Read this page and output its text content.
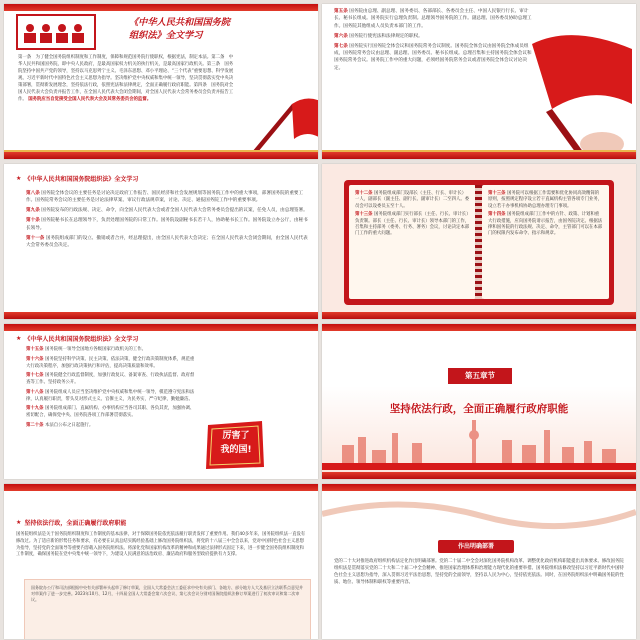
《中华人民共和国国务院
组织法》全文学习
第一条　为了健全国务院组织制度和工作制度，保障和规范国务院行使职权，根据宪法，制定本法。第二条　中华人民共和国国务院，即中央人民政府，是最高国家权力机关的执行机关，是最高国家行政机关。第三条　国务院坚持中国共产党的领导，坚持以马克思列宁主义、毛泽东思想、邓小平理论、“三个代表”重要思想、科学发展观、习近平新时代中国特色社会主义思想为指导。坚决维护党中央权威和集中统一领导，坚决贯彻落实党中央决策部署，贯彻新发展理念，坚持依法行政，依照宪法和法律规定，全面正确履行政府职能。第四条　国务院对全国人民代表大会负责并报告工作，在全国人民代表大会闭会期间，对全国人民代表大会常务委员会负责并报告工作。 国务院应当自觉接受全国人民代表大会及其常务委员会的监督。

第五条 国务院由总理、副总理、国务委员、各部部长、各委员会主任、中国人民银行行长、审计长、秘书长组成。国务院实行总理负责制。总理领导国务院的工作。副总理、国务委员协助总理工作。国务院其他组成人员负责本部门的工作。

第六条 国务院行使宪法和法律规定的职权。

第七条 国务院实行国务院全体会议和国务院常务会议制度。国务院全体会议由国务院全体成员组成，国务院常务会议由总理、副总理、国务委员、秘书长组成。总理召集和主持国务院全体会议和国务院常务会议。国务院工作中的重大问题，必须经国务院常务会议或者国务院全体会议讨论决定。

★ 《中华人民共和国国务院组织法》全文学习

第八条 国务院全体会议的主要任务是讨论决定政府工作报告、国民经济和社会发展规划等国务院工作中的重大事项，部署国务院的重要工作。国务院常务会议的主要任务是讨论法律草案、审议行政法规草案，讨论、决定、通报国务院工作中的重要事项。

第九条 国务院发布的行政法规、决定、命令，向全国人民代表大会或者全国人民代表大会常务委员会提出的议案，任免人员，由总理签署。

第十条 国务院秘书长在总理领导下，负责处理国务院的日常工作。国务院设副秘书长若干人，协助秘书长工作。国务院设立办公厅，由秘书长领导。

第十一条 国务院组成部门的设立、撤销或者合并，经总理提出，由全国人民代表大会决定；在全国人民代表大会闭会期间，由全国人民代表大会常务委员会决定。

第十二条 国务院组成部门设部长（主任、行长、审计长）一人，副部长（副主任、副行长、副审计长）二至四人。委员会可以设委员五至十人。

第十三条 国务院组成部门实行部长（主任、行长、审计长）负责制。部长（主任、行长、审计长）领导本部门的工作，召集和主持部务（委务、行务、署务）会议，讨论决定本部门工作的重大问题。

第十三条 国务院可以根据工作需要和优化协同高效精简的原则，按照规定程序设立若干直属机构主管各项专门业务，设立若干办事机构协助总理办理专门事项。

第十四条 国务院组成部门工作中的方针、政策、计划和重大行政措施，应向国务院请示报告，由国务院决定。根据法律和国务院的行政法规、决定、命令，主管部门可以在本部门的权限内发布命令、指示和规章。

★ 《中华人民共和国国务院组织法》全文学习

第十五条 国务院统一领导全国地方各级国家行政机关的工作。

第十六条 国务院坚持科学决策、民主决策、依法决策，健全行政决策制度体系，规范重大行政决策程序，加强行政决策执行和评估，提高决策质量和效率。

第十七条 国务院健全行政监督制度，加强行政复议、备案审查、行政执法监督、政府督查等工作。坚持政务公开。

第十八条 国务院组成人员应当坚决维护党中央权威和集中统一领导，模范遵守宪法和法律，认真履行职责，带头反对形式主义、官僚主义，为民务实，严守纪律，勤勉廉洁。

第十九条 国务院组成部门、直属机构、办事机构应当各司其职、各负其责，加强协调、密切配合，确保党中央、国务院各项工作部署贯彻落实。

第二十条 本法自公布之日起施行。

厉害了
我的国!
第五章节
坚持依法行政，全面正确履行政府职能
★ 坚持依法行政，全面正确履行政府职能
国务院组织法是关于国务院组织制度和工作制度的基本法律，对于保障国务院依宪依法履行职责发挥了重要作用。我们40多年来，国务院组织法一直没有修改过。为了适应新的形势任务和要求，有必要在认真总结实践经验基础上修改国务院组织法，将党的十八届三中全会以来，党对中国特色社会主义思想为指导，坚持党的全面领导等重要内容载入国务院组织法。将深化党和国家机构改革的精神和成果通过法律形式固定下来，进一步健全国务院组织制度和工作制度，确保国务院在党中央集中统一领导下，为建设人民满意的法治政府、廉洁政府和服务型政府提供有力支撑。
国务院办公厅和司法部根据中央有关部署牵头起草了修订草案，全国人大常委会法工委征求中央有关部门、各地方、部分地方人大及基层立法联系点意见并对草案作了进一步完善。2023年10月、12月，十四届全国人大常委会第六次会议、第七次会议分别对国务院组织法修订草案进行了初次审议和第二次审议。
作出明确部署
党的二十大对推进政府组织机构法定化作出明确部署。党的二十届二中全会对深化国务院机构改革、调整优化政府机构职能提出具体要求。修改国务院组织法是贯彻落实党的二十大和二十届二中全会精神、推进国家治理体系和治理能力现代化的重要举措。国务院组织法修改坚持以习近平新时代中国特色社会主义思想为指导，深入贯彻习近平法治思想，坚持党的全面领导，坚持以人民为中心，坚持依宪依法。同时，在国务院组织法中明确国务院的性质、地位、领导体制和职权等重要内容。
